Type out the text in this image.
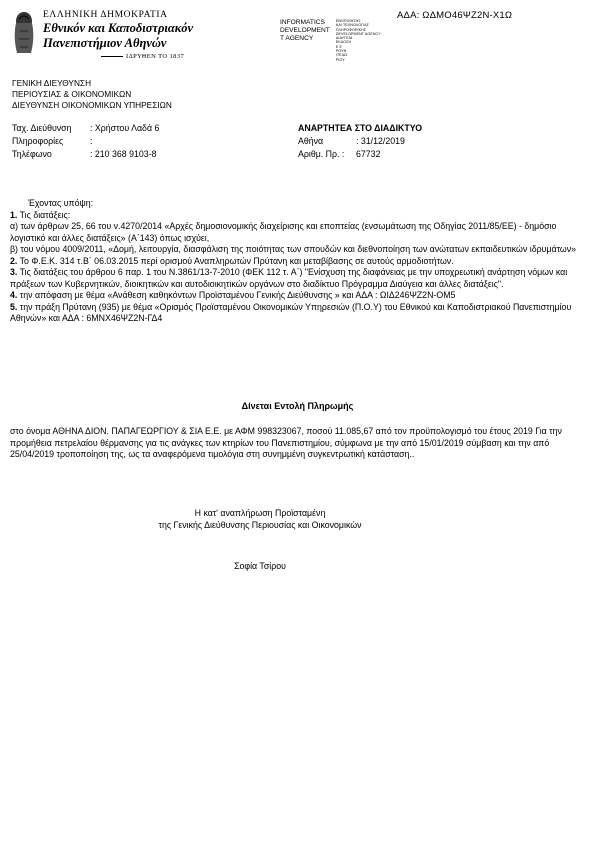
ΑΔΑ: ΩΔΜΟ46ΨΖ2Ν-Χ1Ω
ΕΛΛΗΝΙΚΗ ΔΗΜΟΚΡΑΤΙΑ
Εθνικόν και Καποδιστριακόν
Πανεπιστήμιον Αθηνών
ΙΔΡΥΘΕΝ ΤΟ 1837
INFORMATICS
DEVELOPMENT
T AGENCY
ΕΝΟΠΟΙΗΣΗΣ
ΚΑΙ ΤΕΧΝΟΛΟΓΙΑΣ
ΠΛΗΡΟΦΟΡΙΚΗΣ
DEVELOPMENT AGENCY
ΔΙΑΥΓΕΙΑ
ΕΚΔΟΣΗ
Ε Ε
ΡΟΥΝ
ΙΤΕΙΑΣ
ΡΙΟΥ
ΓΕΝΙΚΗ ΔΙΕΥΘΥΝΣΗ
ΠΕΡΙΟΥΣΙΑΣ & ΟΙΚΟΝΟΜΙΚΩΝ
ΔΙΕΥΘΥΝΣΗ ΟΙΚΟΝΟΜΙΚΩΝ ΥΠΗΡΕΣΙΩΝ
Ταχ. Διεύθυνση	: Χρήστου Λαδά 6
Πληροφορίες	:
Τηλέφωνο	: 210 368 9103-8
ΑΝΑΡΤΗΤΕΑ ΣΤΟ ΔΙΑΔΙΚΤΥΟ
Αθήνα	: 31/12/2019
Αριθμ. Πρ. :	67732

Έχοντας υπόψη:

1. Τις διατάξεις:

α) των άρθρων 25, 66 του ν.4270/2014 «Αρχές δημοσιονομικής διαχείρισης και εποπτείας (ενσωμάτωση της Οδηγίας 2011/85/ΕΕ) - δημόσιο λογιστικό και άλλες διατάξεις» (Α΄143) όπως ισχύει,

β) του νόμου 4009/2011, «Δομή, λειτουργία, διασφάλιση της ποιότητας των σπουδών και διεθνοποίηση των ανώτατων εκπαιδευτικών ιδρυμάτων»

2. Το Φ.Ε.Κ. 314 τ.Β΄ 06.03.2015 περί ορισμού Αναπληρωτών Πρύτανη και μεταβίβασης σε αυτούς αρμοδιοτήτων.

3. Τις διατάξεις του άρθρου 6 παρ. 1 του Ν.3861/13-7-2010 (ΦΕΚ 112 τ. Α΄) "Ενίσχυση της διαφάνειας με την υποχρεωτική ανάρτηση νόμων και πράξεων των Κυβερνητικών, διοικητικών και αυτοδιοικητικών οργάνων στο διαδίκτυο Πρόγραμμα Διαύγεια και άλλες διατάξεις".

4. την απόφαση με θέμα «Ανάθεση καθηκόντων Προϊσταμένου Γενικής Διεύθυνσης » και ΑΔΑ : ΩΙΔ246ΨΖ2Ν-ΟΜ5

5. την πράξη Πρύτανη (935) με θέμα «Ορισμός Προϊσταμένου Οικονομικών Υπηρεσιών (Π.Ο.Υ) του Εθνικού και Καποδιστριακού Πανεπιστημίου Αθηνών» και ΑΔΑ : 6ΜΝΧ46ΨΖ2Ν-ΓΔ4

Δίνεται Εντολή Πληρωμής
στο όνομα ΑΘΗΝΑ ΔΙΟΝ. ΠΑΠΑΓΕΩΡΓΙΟΥ & ΣΙΑ Ε.Ε. με ΑΦΜ 998323067, ποσού 11.085,67 από τον προϋπολογισμό του έτους 2019 Για την προμήθεια πετρελαίου θέρμανσης για τις ανάγκες των κτηρίων του Πανεπιστημίου, σύμφωνα με την από 15/01/2019 σύμβαση και την από 25/04/2019 τροποποίηση της, ως τα αναφερόμενα τιμολόγια στη συνημμένη συγκεντρωτική κατάσταση..
Η κατ' αναπλήρωση Προϊσταμένη
της Γενικής Διεύθυνσης Περιουσίας και Οικονομικών
Σοφία Τσίρου
